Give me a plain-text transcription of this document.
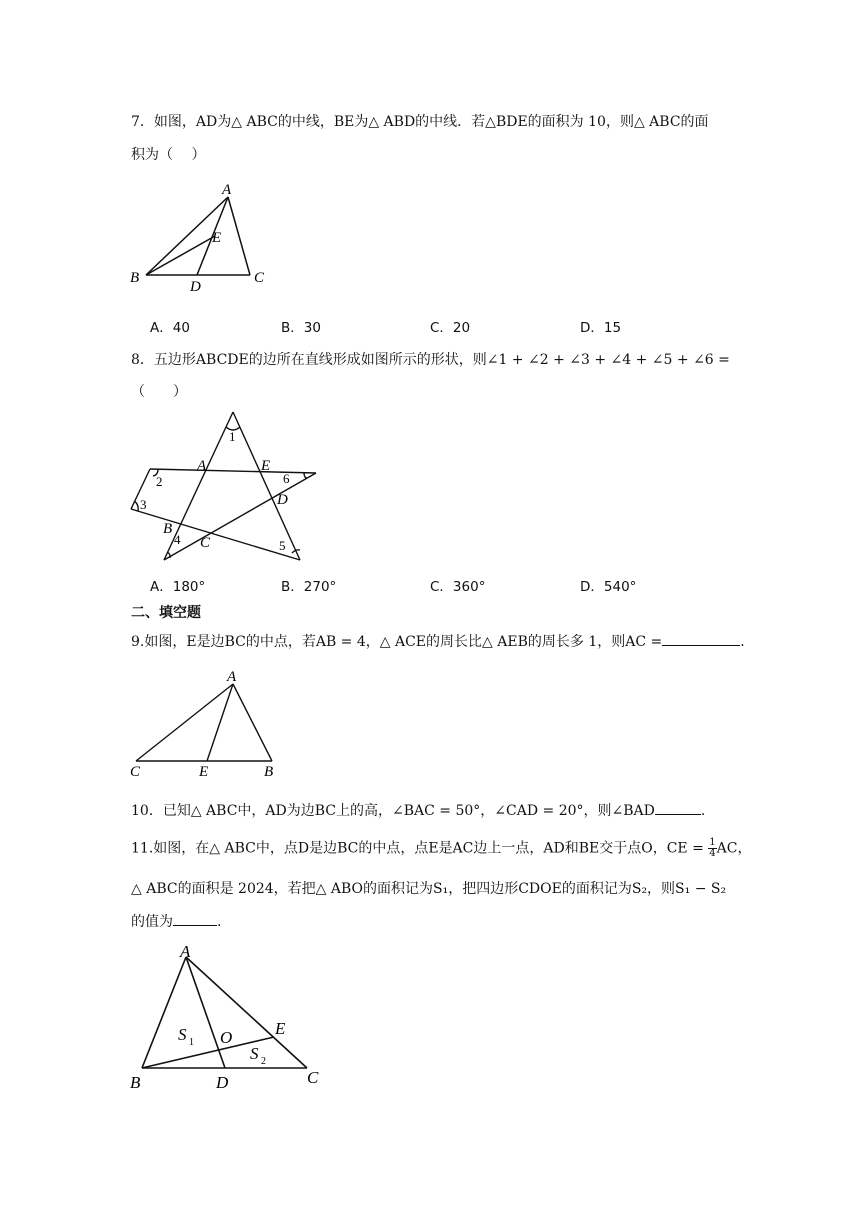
7．如图，AD为△ ABC的中线，BE为△ ABD的中线．若△BDE的面积为 10，则△ ABC的面
积为（　 ）
A
B	C
D
E
A．40	B．30	C．20	D．15
8．五边形ABCDE的边所在直线形成如图所示的形状，则∠1 + ∠2 + ∠3 + ∠4 + ∠5 + ∠6 =
（　　）
A	E
D
B
C
1
2
3
4	5
6
A．180°	B．270°	C．360°	D．540°
二、填空题
9.如图，E是边BC的中点，若AB = 4，△ ACE的周长比△ AEB的周长多 1，则AC =	.
A
C	E	B
10．已知△ ABC中，AD为边BC上的高，∠BAC = 50°，∠CAD = 20°，则∠BAD	.
11.如图，在△ ABC中，点D是边BC的中点，点E是AC边上一点，AD和BE交于点O，CE = $\frac{1}{4}$ AC，
△ ABC的面积是 2024，若把△ ABO的面积记为S₁，把四边形CDOE的面积记为S₂，则S₁ − S₂
的值为	.
A
B	C
D
E
O
S 1
S 2
